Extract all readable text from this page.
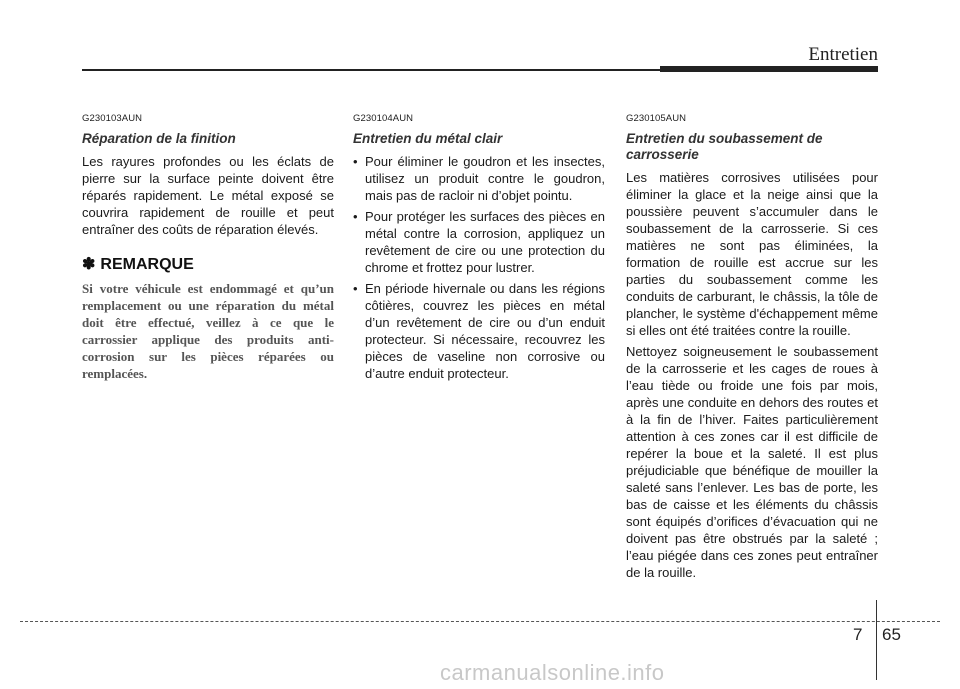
Entretien
G230103AUN
Réparation de la finition

Les rayures profondes ou les éclats de pierre sur la surface peinte doivent être réparés rapidement. Le métal exposé se couvrira rapidement de rouille et peut entraîner des coûts de réparation élevés.

✽ REMARQUE
Si votre véhicule est endommagé et qu’un remplacement ou une réparation du métal doit être effectué, veillez à ce que le carrossier applique des produits anti-corrosion sur les pièces réparées ou remplacées.
G230104AUN
Entretien du métal clair
• Pour éliminer le goudron et les insectes, utilisez un produit contre le goudron, mais pas de racloir ni d’objet pointu.
• Pour protéger les surfaces des pièces en métal contre la corrosion, appliquez un revêtement de cire ou une protection du chrome et frottez pour lustrer.
• En période hivernale ou dans les régions côtières, couvrez les pièces en métal d’un revêtement de cire ou d’un enduit protecteur. Si nécessaire, recouvrez les pièces de vaseline non corrosive ou d’autre enduit protecteur.
G230105AUN
Entretien du soubassement de carrosserie

Les matières corrosives utilisées pour éliminer la glace et la neige ainsi que la poussière peuvent s’accumuler dans le soubassement de la carrosserie. Si ces matières ne sont pas éliminées, la formation de rouille est accrue sur les parties du soubassement comme les conduits de carburant, le châssis, la tôle de plancher, le système d'échappement même si elles ont été traitées contre la rouille.

Nettoyez soigneusement le soubassement de la carrosserie et les cages de roues à l’eau tiède ou froide une fois par mois, après une conduite en dehors des routes et à la fin de l’hiver. Faites particulièrement attention à ces zones car il est difficile de repérer la boue et la saleté. Il est plus préjudiciable que bénéfique de mouiller la saleté sans l’enlever. Les bas de porte, les bas de caisse et les éléments du châssis sont équipés d’orifices d’évacuation qui ne doivent pas être obstrués par la saleté ; l’eau piégée dans ces zones peut entraîner de la rouille.

7 65
carmanualsonline.info
